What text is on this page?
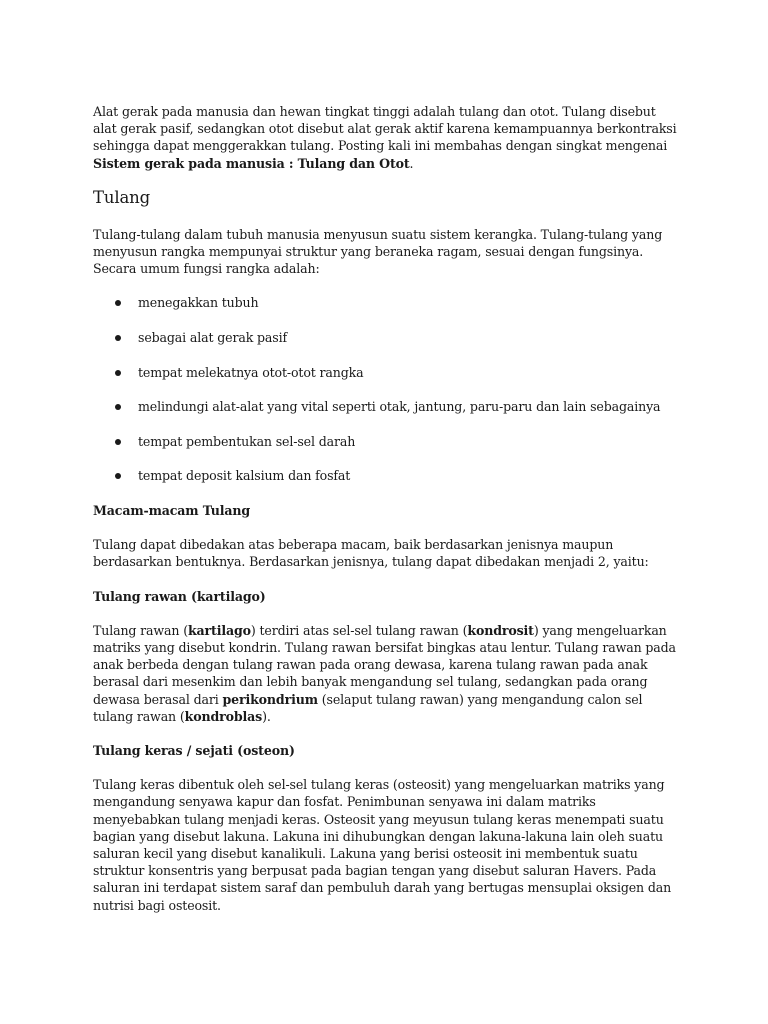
Alat gerak pada manusia dan hewan tingkat tinggi adalah tulang dan otot. Tulang disebut alat gerak pasif, sedangkan otot disebut alat gerak aktif karena kemampuannya berkontraksi sehingga dapat menggerakkan tulang. Posting kali ini membahas dengan singkat mengenai Sistem gerak pada manusia : Tulang dan Otot.

Tulang

Tulang-tulang dalam tubuh manusia menyusun suatu sistem kerangka. Tulang-tulang yang menyusun rangka mempunyai struktur yang beraneka ragam, sesuai dengan fungsinya. Secara umum fungsi rangka adalah:

menegakkan tubuh
sebagai alat gerak pasif
tempat melekatnya otot-otot rangka
melindungi alat-alat yang vital seperti otak, jantung, paru-paru dan lain sebagainya
tempat pembentukan sel-sel darah
tempat deposit kalsium dan fosfat

Macam-macam Tulang

Tulang dapat dibedakan atas beberapa macam, baik berdasarkan jenisnya maupun berdasarkan bentuknya. Berdasarkan jenisnya, tulang dapat dibedakan menjadi 2, yaitu:

Tulang rawan (kartilago)

Tulang rawan (kartilago) terdiri atas sel-sel tulang rawan (kondrosit) yang mengeluarkan matriks yang disebut kondrin. Tulang rawan bersifat bingkas atau lentur. Tulang rawan pada anak berbeda dengan tulang rawan pada orang dewasa, karena tulang rawan pada anak berasal dari mesenkim dan lebih banyak mengandung sel tulang, sedangkan pada orang dewasa berasal dari perikondrium (selaput tulang rawan) yang mengandung calon sel tulang rawan (kondroblas).

Tulang keras / sejati (osteon)

Tulang keras dibentuk oleh sel-sel tulang keras (osteosit) yang mengeluarkan matriks yang mengandung senyawa kapur dan fosfat. Penimbunan senyawa ini dalam matriks menyebabkan tulang menjadi keras. Osteosit yang meyusun tulang keras menempati suatu bagian yang disebut lakuna. Lakuna ini dihubungkan dengan lakuna-lakuna lain oleh suatu saluran kecil yang disebut kanalikuli. Lakuna yang berisi osteosit ini membentuk suatu struktur konsentris yang berpusat pada bagian tengan yang disebut saluran Havers. Pada saluran ini terdapat sistem saraf dan pembuluh darah yang bertugas mensuplai oksigen dan nutrisi bagi osteosit.
